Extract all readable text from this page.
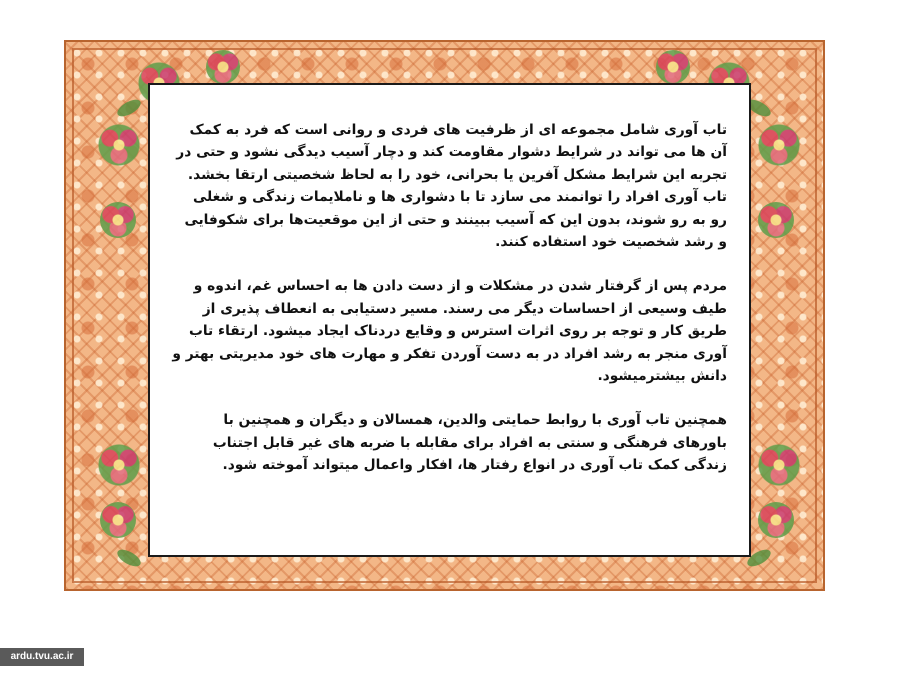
تاب آوری شامل مجموعه ای از ظرفیت های فردی و روانی است که فرد به کمک آن ها می تواند در شرایط دشوار مقاومت کند و دچار آسیب دیدگی نشود و حتی در تجربه این شرایط مشکل آفرین یا بحرانی، خود را به لحاظ شخصیتی ارتقا بخشد. تاب آوری افراد را توانمند می سازد تا با دشواری ها و ناملایمات زندگی و شغلی رو به رو شوند، بدون این که آسیب ببینند و حتی از این موقعیت‌ها برای شکوفایی و رشد شخصیت خود استفاده کنند.

مردم پس از گرفتار شدن در مشکلات و از دست دادن ها به احساس غم، اندوه و طیف وسیعی از احساسات دیگر می رسند. مسیر دستیابی به انعطاف پذیری از طریق کار و توجه بر روی اثرات استرس و وقایع دردناک ایجاد میشود. ارتقاء تاب آوری منجر به رشد افراد در به دست آوردن تفکر و مهارت های خود مدیریتی بهتر و دانش بیشترمیشود.

همچنین تاب آوری با روابط حمایتی والدین، همسالان و دیگران و همچنین با باورهای فرهنگی و سنتی به افراد برای مقابله با ضربه های غیر قابل اجتناب زندگی کمک تاب آوری در انواع رفتار ها، افکار واعمال میتواند آموخته شود.

ardu.tvu.ac.ir
